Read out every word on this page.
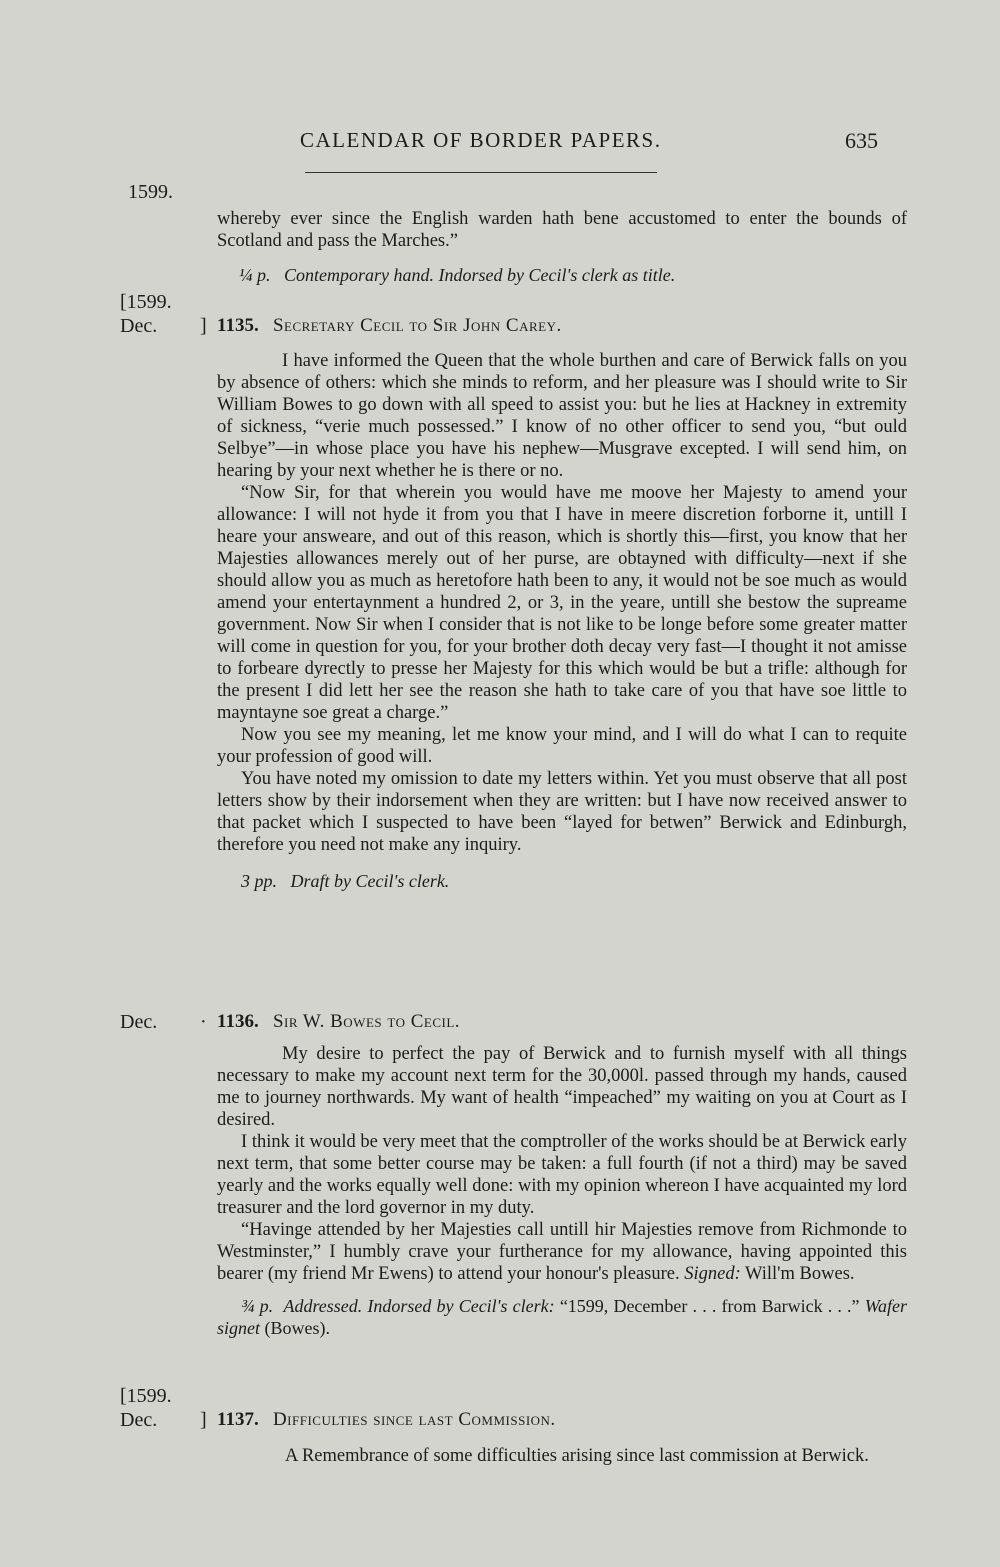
CALENDAR OF BORDER PAPERS.	635
1599.

whereby ever since the English warden hath bene accustomed to enter the bounds of Scotland and pass the Marches.”

¼ p. Contemporary hand. Indorsed by Cecil's clerk as title.

[1599.
Dec. ] 1135. Secretary Cecil to Sir John Carey.

I have informed the Queen that the whole burthen and care of Berwick falls on you by absence of others: which she minds to reform, and her pleasure was I should write to Sir William Bowes to go down with all speed to assist you: but he lies at Hackney in extremity of sickness, “verie much possessed.” I know of no other officer to send you, “but ould Selbye”—in whose place you have his nephew—Musgrave excepted. I will send him, on hearing by your next whether he is there or no.

“Now Sir, for that wherein you would have me moove her Majesty to amend your allowance: I will not hyde it from you that I have in meere discretion forborne it, untill I heare your answeare, and out of this reason, which is shortly this—first, you know that her Majesties allowances merely out of her purse, are obtayned with difficulty—next if she should allow you as much as heretofore hath been to any, it would not be soe much as would amend your entertaynment a hundred 2, or 3, in the yeare, untill she bestow the supreame government. Now Sir when I consider that is not like to be longe before some greater matter will come in question for you, for your brother doth decay very fast—I thought it not amisse to forbeare dyrectly to presse her Majesty for this which would be but a trifle: although for the present I did lett her see the reason she hath to take care of you that have soe little to mayntayne soe great a charge.”

Now you see my meaning, let me know your mind, and I will do what I can to requite your profession of good will.

You have noted my omission to date my letters within. Yet you must observe that all post letters show by their indorsement when they are written: but I have now received answer to that packet which I suspected to have been “layed for betwen” Berwick and Edinburgh, therefore you need not make any inquiry.

3 pp. Draft by Cecil's clerk.

Dec. · 1136. Sir W. Bowes to Cecil.

My desire to perfect the pay of Berwick and to furnish myself with all things necessary to make my account next term for the 30,000l. passed through my hands, caused me to journey northwards. My want of health “impeached” my waiting on you at Court as I desired.

I think it would be very meet that the comptroller of the works should be at Berwick early next term, that some better course may be taken: a full fourth (if not a third) may be saved yearly and the works equally well done: with my opinion whereon I have acquainted my lord treasurer and the lord governor in my duty.

“Havinge attended by her Majesties call untill hir Majesties remove from Richmonde to Westminster,” I humbly crave your furtherance for my allowance, having appointed this bearer (my friend Mr Ewens) to attend your honour's pleasure. Signed: Will'm Bowes.

¾ p. Addressed. Indorsed by Cecil's clerk: “1599, December . . . from Barwick . . .” Wafer signet (Bowes).

[1599.
Dec. ] 1137. Difficulties since last Commission.

A Remembrance of some difficulties arising since last commission at Berwick.
